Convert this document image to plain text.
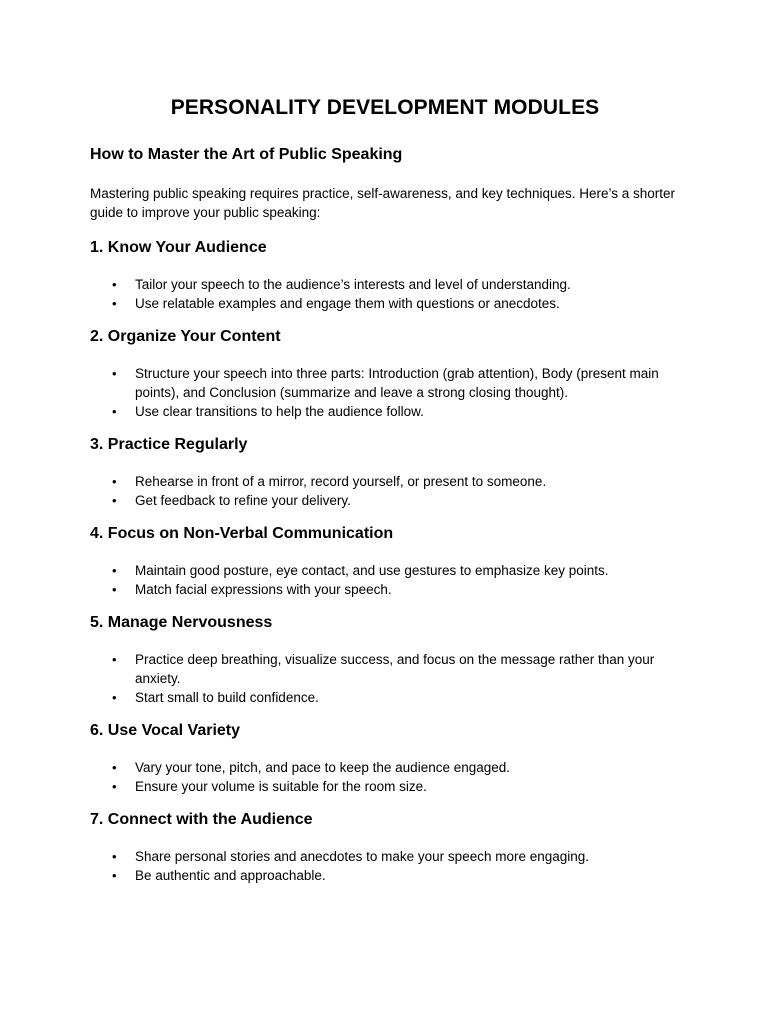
PERSONALITY DEVELOPMENT MODULES
How to Master the Art of Public Speaking

Mastering public speaking requires practice, self-awareness, and key techniques. Here’s a shorter guide to improve your public speaking:

1. Know Your Audience
• Tailor your speech to the audience’s interests and level of understanding.
• Use relatable examples and engage them with questions or anecdotes.
2. Organize Your Content
• Structure your speech into three parts: Introduction (grab attention), Body (present main points), and Conclusion (summarize and leave a strong closing thought).
• Use clear transitions to help the audience follow.
3. Practice Regularly
• Rehearse in front of a mirror, record yourself, or present to someone.
• Get feedback to refine your delivery.
4. Focus on Non-Verbal Communication
• Maintain good posture, eye contact, and use gestures to emphasize key points.
• Match facial expressions with your speech.
5. Manage Nervousness
• Practice deep breathing, visualize success, and focus on the message rather than your anxiety.
• Start small to build confidence.
6. Use Vocal Variety
• Vary your tone, pitch, and pace to keep the audience engaged.
• Ensure your volume is suitable for the room size.
7. Connect with the Audience
• Share personal stories and anecdotes to make your speech more engaging.
• Be authentic and approachable.
